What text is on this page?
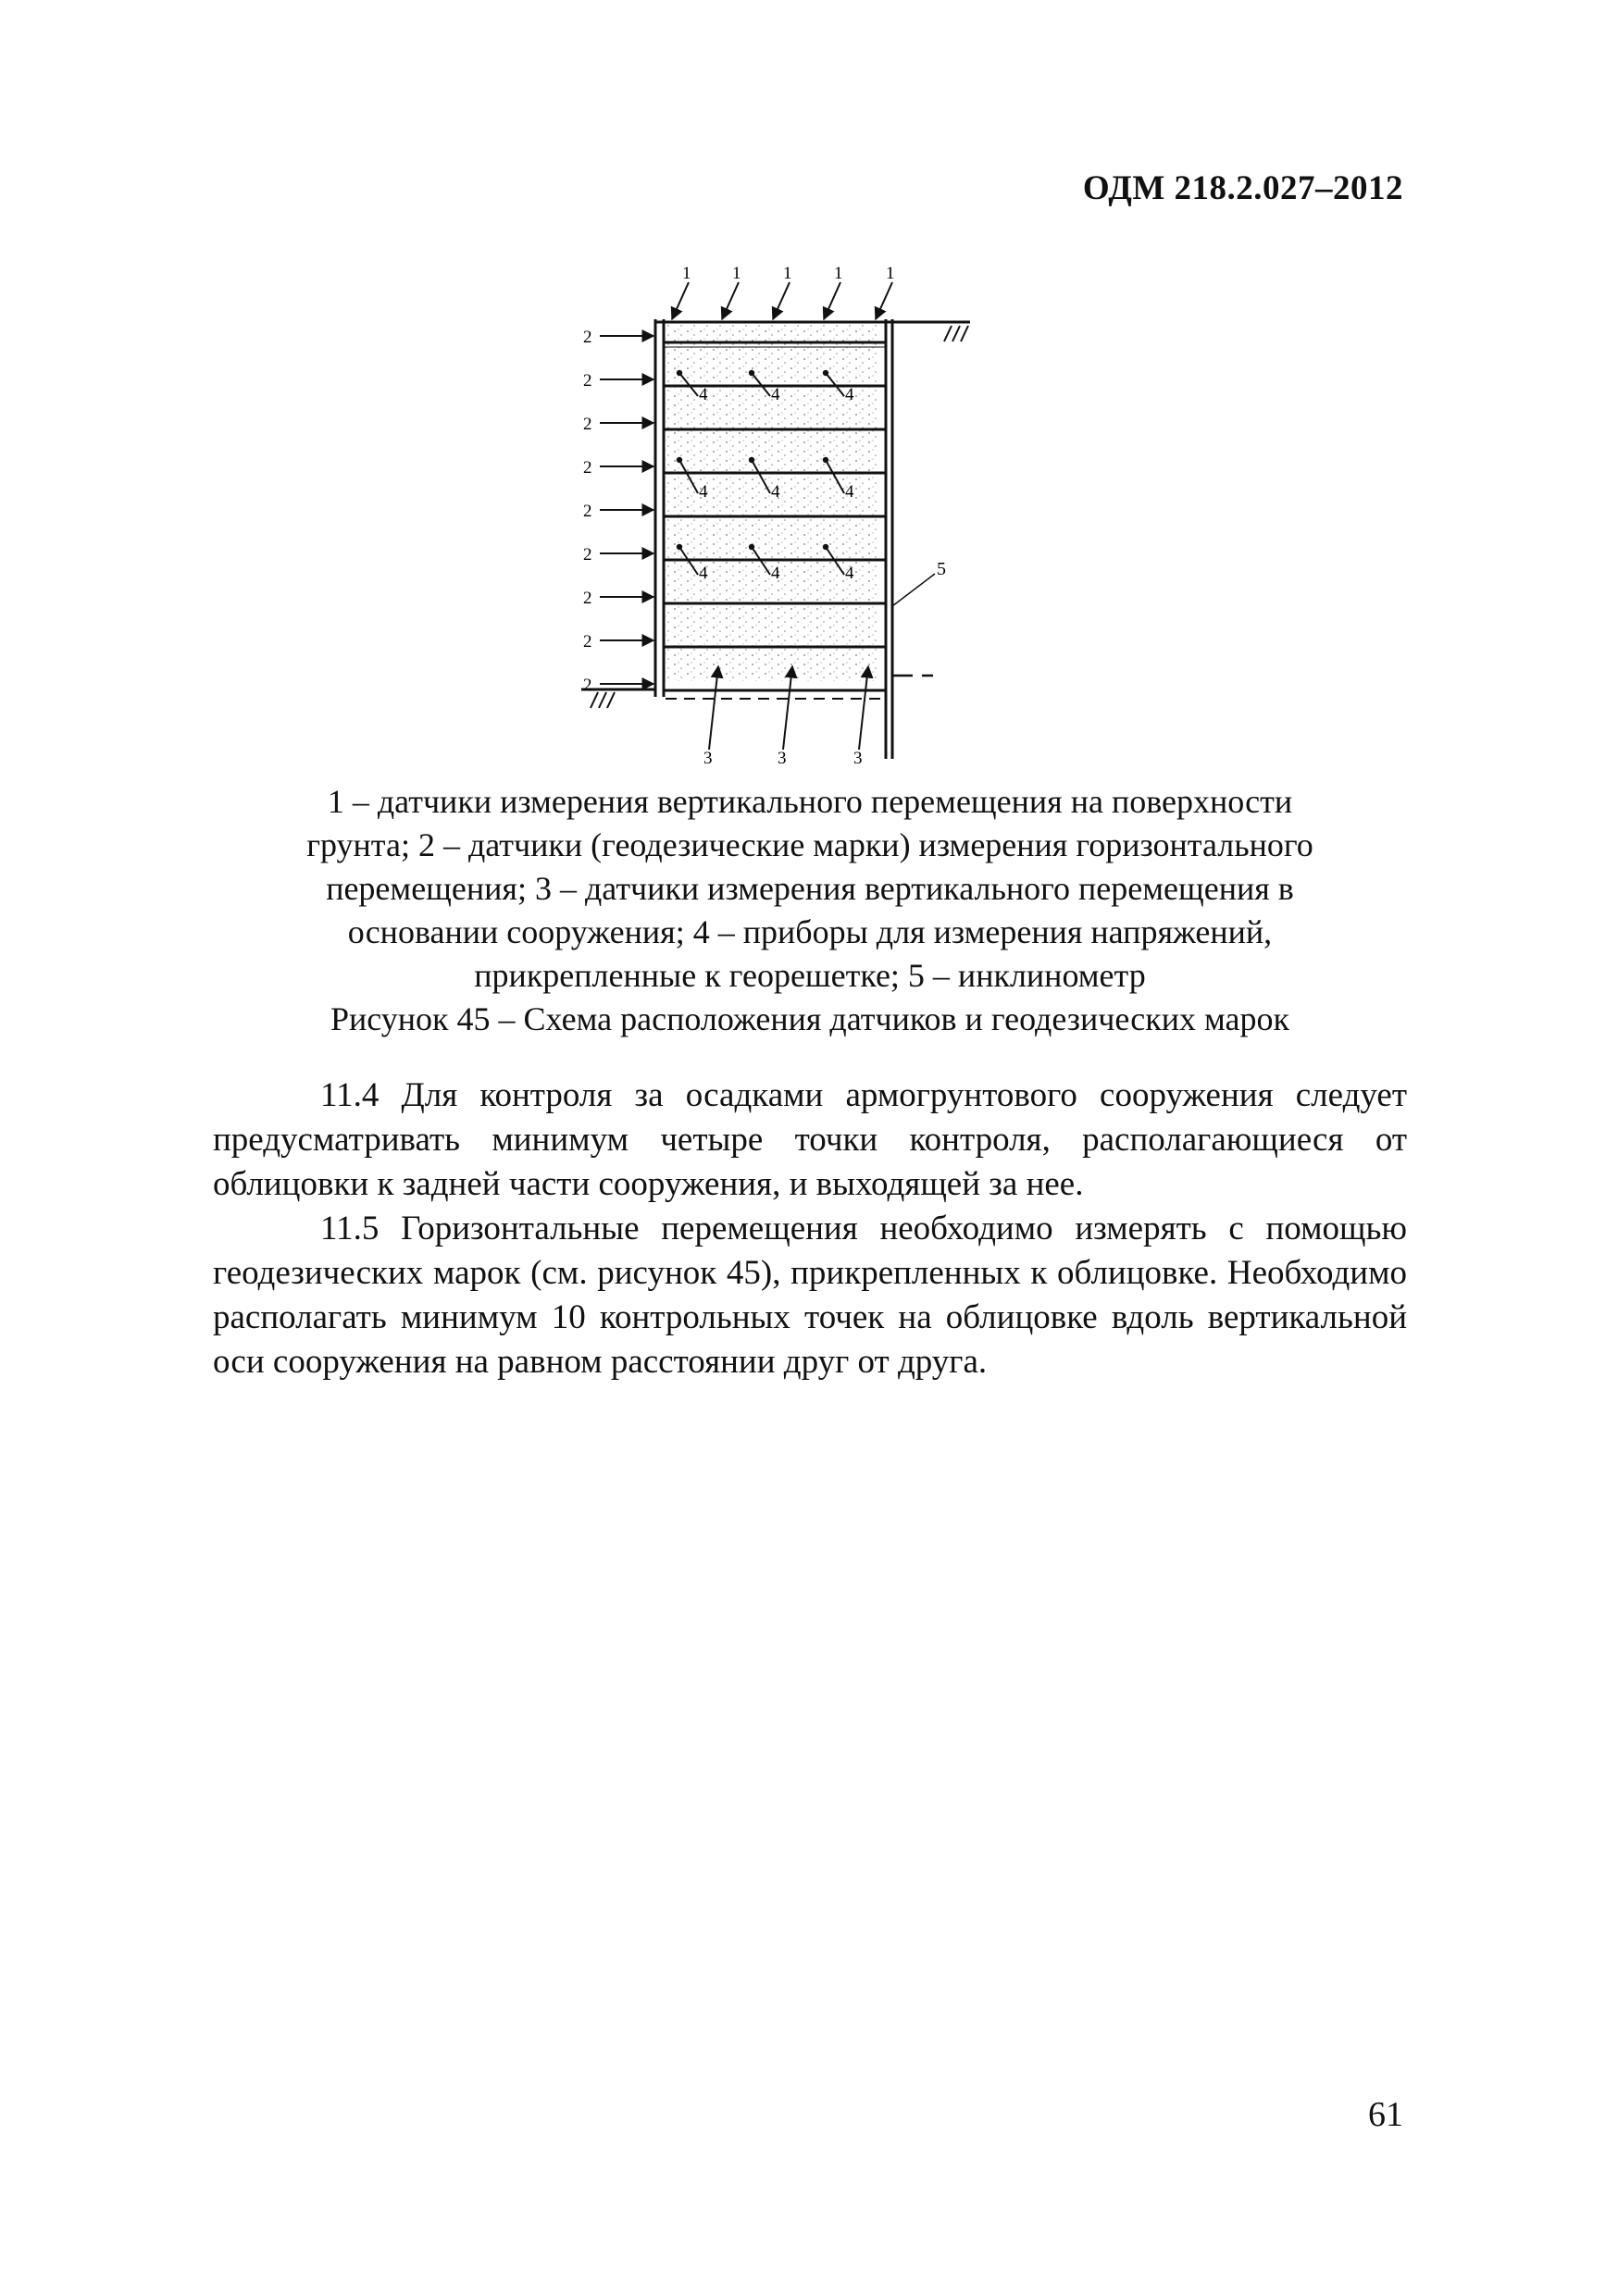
ОДМ 218.2.027–2012
1 1 1 1 1
2
2
2
2
2
2
2
2
2
4	4	4
4	4	4
4	4	4
3	3	3
5

1 – датчики измерения вертикального перемещения на поверхности

грунта; 2 – датчики (геодезические марки) измерения горизонтального

перемещения; 3 – датчики измерения вертикального перемещения в

основании сооружения; 4 – приборы для измерения напряжений,

прикрепленные к георешетке; 5 – инклинометр

Рисунок 45 – Схема расположения датчиков и геодезических марок

11.4 Для контроля за осадками армогрунтового сооружения следует предусматривать минимум четыре точки контроля, располагающиеся от облицовки к задней части сооружения, и выходящей за нее.

11.5 Горизонтальные перемещения необходимо измерять с помощью геодезических марок (см. рисунок 45), прикрепленных к облицовке. Необходимо располагать минимум 10 контрольных точек на облицовке вдоль вертикальной оси сооружения на равном расстоянии друг от друга.

61
